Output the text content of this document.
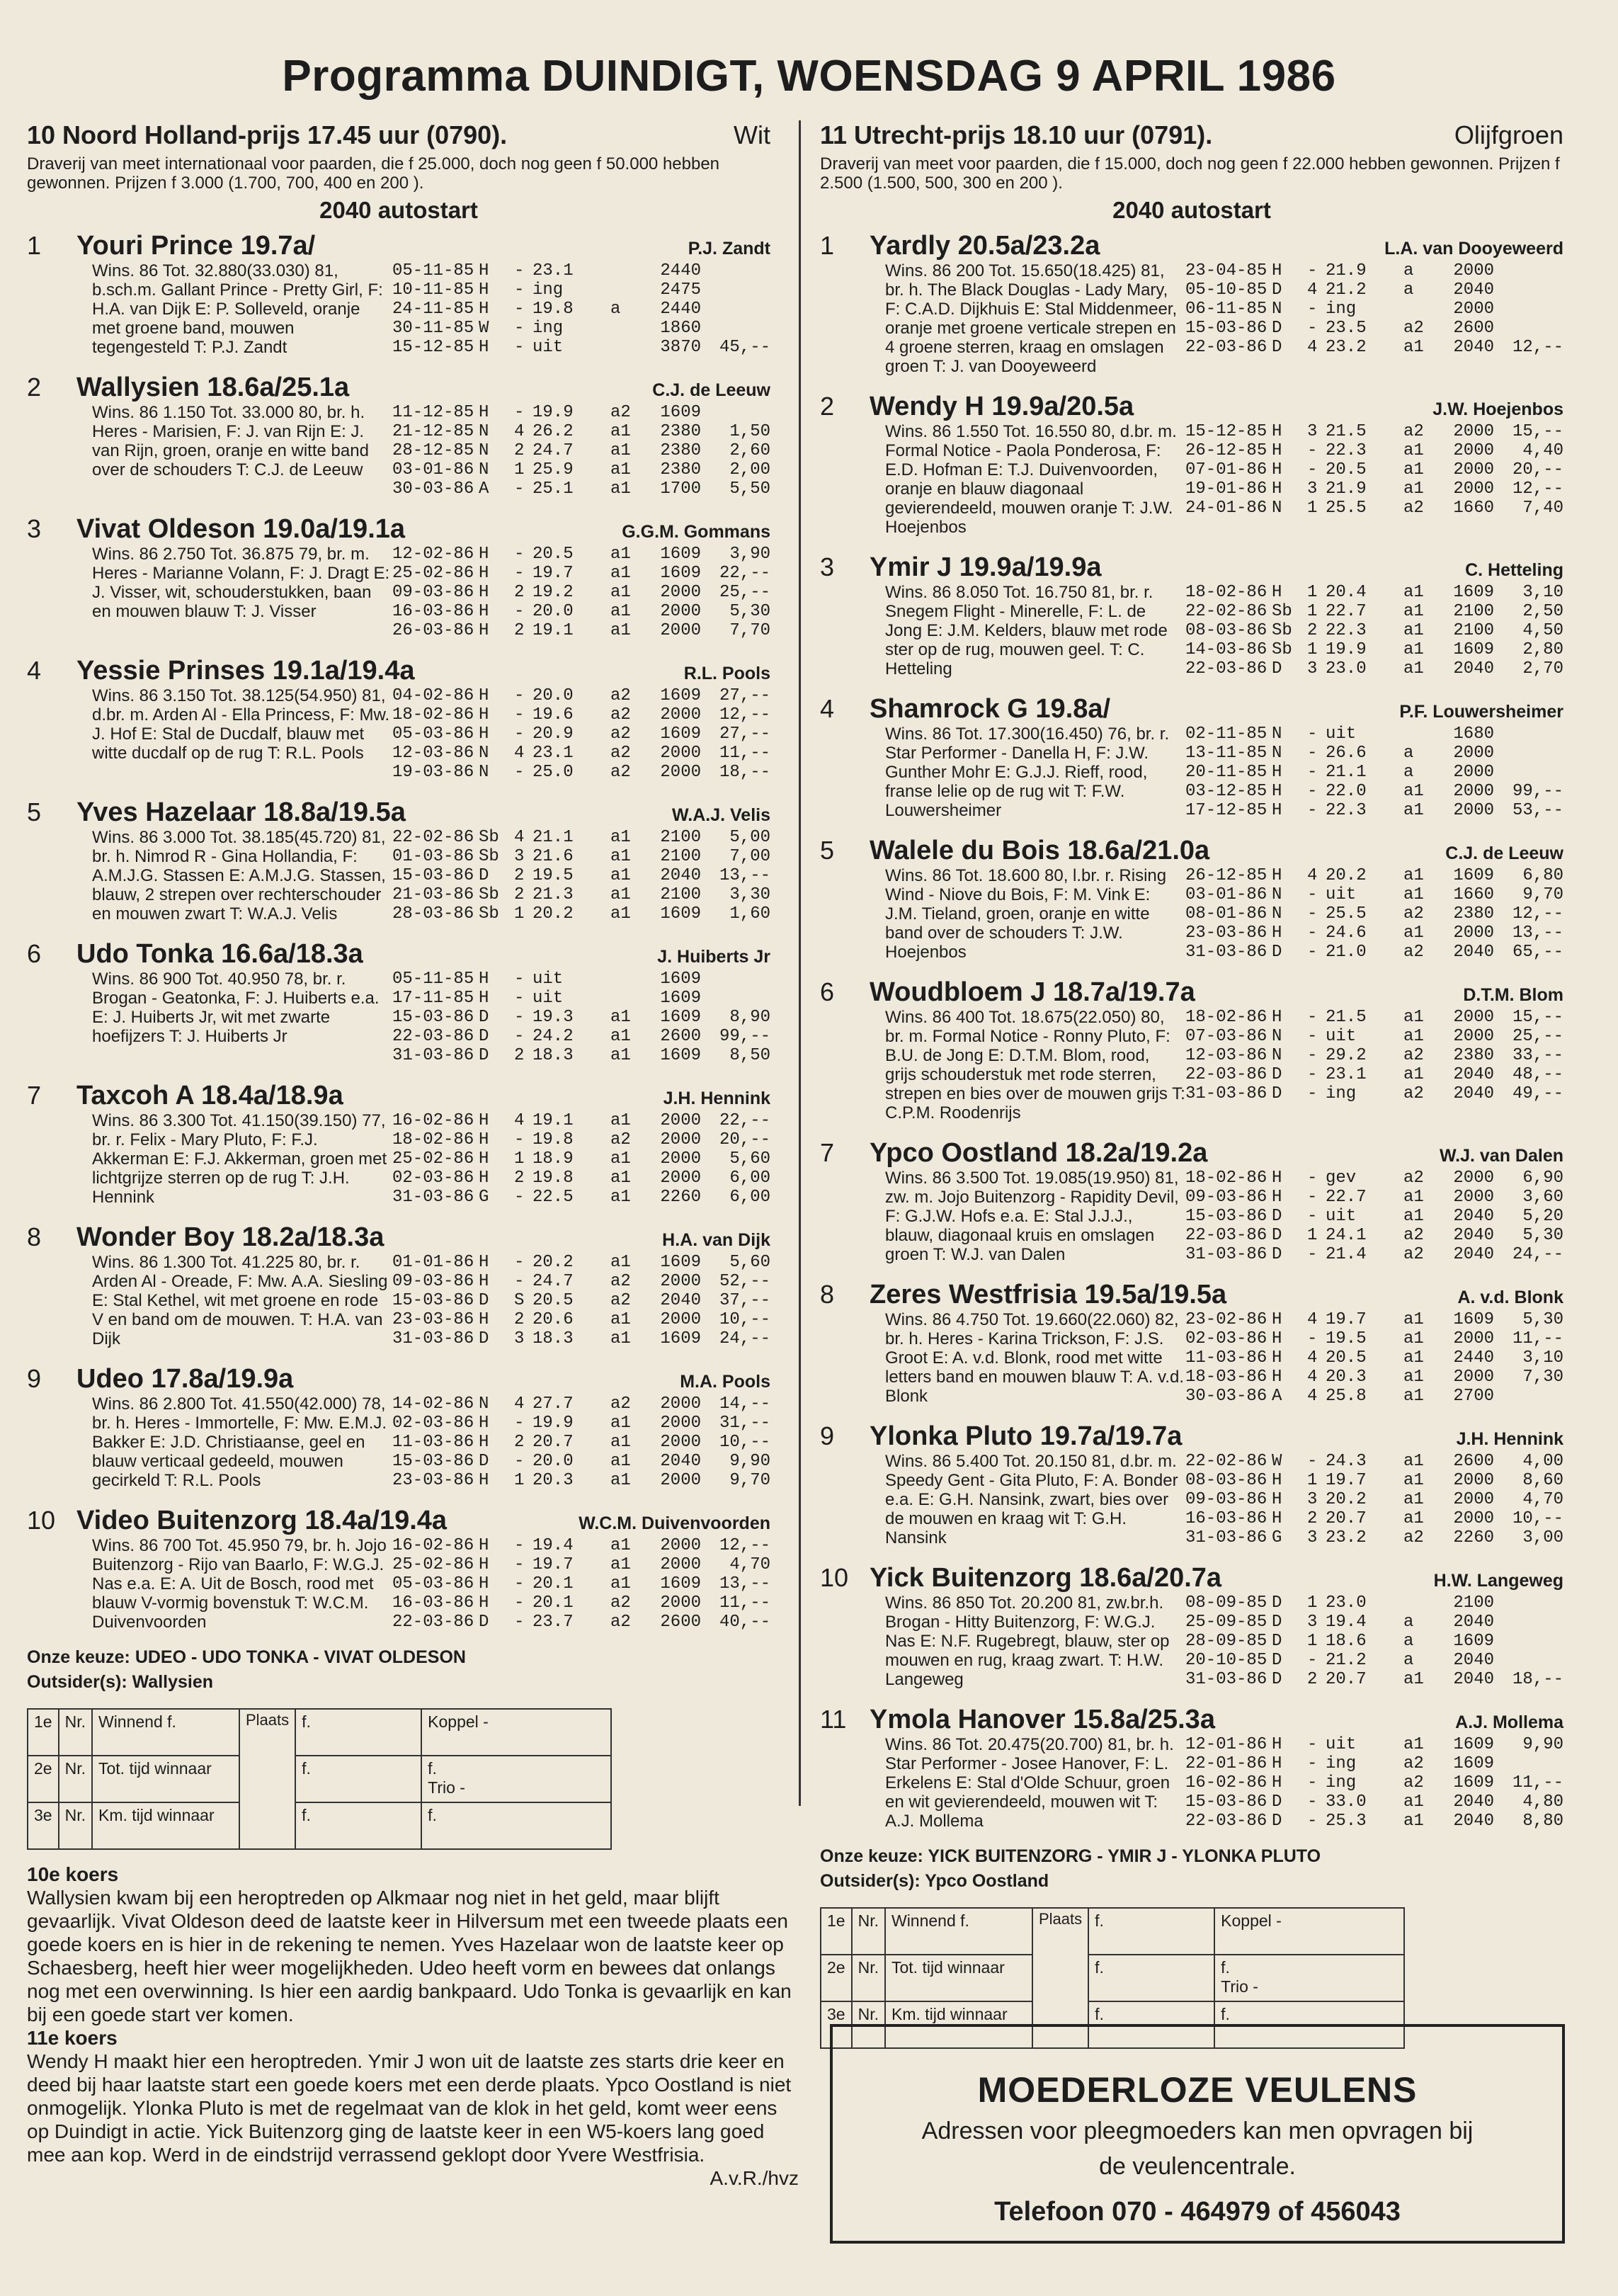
Programma DUINDIGT, WOENSDAG 9 APRIL 1986
10 Noord Holland-prijs 17.45 uur (0790).	Wit
Draverij van meet internationaal voor paarden, die f 25.000, doch nog geen f 50.000 hebben gewonnen. Prijzen f 3.000 (1.700, 700, 400 en 200 ).
2040 autostart
1	Youri Prince 19.7a/	P.J. Zandt
Wins. 86 Tot. 32.880(33.030) 81, b.sch.m. Gallant Prince - Pretty Girl, F: H.A. van Dijk E: P. Solleveld, oranje met groene band, mouwen tegengesteld T: P.J. Zandt
05-11-85 H	- 23.1	2440
10-11-85 H	- ing	2475
24-11-85 H	- 19.8	a	2440
30-11-85 W	- ing	1860
15-12-85 H	- uit	3870	45,--
2	Wallysien 18.6a/25.1a	C.J. de Leeuw
Wins. 86 1.150 Tot. 33.000 80, br. h. Heres - Marisien, F: J. van Rijn E: J. van Rijn, groen, oranje en witte band over de schouders T: C.J. de Leeuw
11-12-85 H	- 19.9	a2	1609
21-12-85 N	4 26.2	a1	2380	1,50
28-12-85 N	2 24.7	a1	2380	2,60
03-01-86 N	1 25.9	a1	2380	2,00
30-03-86 A	- 25.1	a1	1700	5,50
3	Vivat Oldeson 19.0a/19.1a	G.G.M. Gommans
Wins. 86 2.750 Tot. 36.875 79, br. m. Heres - Marianne Volann, F: J. Dragt E: J. Visser, wit, schouderstukken, baan en mouwen blauw T: J. Visser
12-02-86 H	- 20.5	a1	1609	3,90
25-02-86 H	- 19.7	a1	1609	22,--
09-03-86 H	2 19.2	a1	2000	25,--
16-03-86 H	- 20.0	a1	2000	5,30
26-03-86 H	2 19.1	a1	2000	7,70
4	Yessie Prinses 19.1a/19.4a	R.L. Pools
Wins. 86 3.150 Tot. 38.125(54.950) 81, d.br. m. Arden Al - Ella Princess, F: Mw. J. Hof E: Stal de Ducdalf, blauw met witte ducdalf op de rug T: R.L. Pools
04-02-86 H	- 20.0	a2	1609	27,--
18-02-86 H	- 19.6	a2	2000	12,--
05-03-86 H	- 20.9	a2	1609	27,--
12-03-86 N	4 23.1	a2	2000	11,--
19-03-86 N	- 25.0	a2	2000	18,--
5	Yves Hazelaar 18.8a/19.5a	W.A.J. Velis
Wins. 86 3.000 Tot. 38.185(45.720) 81, br. h. Nimrod R - Gina Hollandia, F: A.M.J.G. Stassen E: A.M.J.G. Stassen, blauw, 2 strepen over rechterschouder en mouwen zwart T: W.A.J. Velis
22-02-86 Sb 4 21.1	a1	2100	5,00
01-03-86 Sb 3 21.6	a1	2100	7,00
15-03-86 D	2 19.5	a1	2040	13,--
21-03-86 Sb 2 21.3	a1	2100	3,30
28-03-86 Sb 1 20.2	a1	1609	1,60
6	Udo Tonka 16.6a/18.3a	J. Huiberts Jr
Wins. 86 900 Tot. 40.950 78, br. r. Brogan - Geatonka, F: J. Huiberts e.a. E: J. Huiberts Jr, wit met zwarte hoefijzers T: J. Huiberts Jr
05-11-85 H	- uit	1609
17-11-85 H	- uit	1609
15-03-86 D	- 19.3	a1	1609	8,90
22-03-86 D	- 24.2	a1	2600	99,--
31-03-86 D	2 18.3	a1	1609	8,50
7	Taxcoh A 18.4a/18.9a	J.H. Hennink
Wins. 86 3.300 Tot. 41.150(39.150) 77, br. r. Felix - Mary Pluto, F: F.J. Akkerman E: F.J. Akkerman, groen met lichtgrijze sterren op de rug T: J.H. Hennink
16-02-86 H	4 19.1	a1	2000	22,--
18-02-86 H	- 19.8	a2	2000	20,--
25-02-86 H	1 18.9	a1	2000	5,60
02-03-86 H	2 19.8	a1	2000	6,00
31-03-86 G	- 22.5	a1	2260	6,00
8	Wonder Boy 18.2a/18.3a	H.A. van Dijk
Wins. 86 1.300 Tot. 41.225 80, br. r. Arden Al - Oreade, F: Mw. A.A. Siesling E: Stal Kethel, wit met groene en rode V en band om de mouwen. T: H.A. van Dijk
01-01-86 H	- 20.2	a1	1609	5,60
09-03-86 H	- 24.7	a2	2000	52,--
15-03-86 D	S 20.5	a2	2040	37,--
23-03-86 H	2 20.6	a1	2000	10,--
31-03-86 D	3 18.3	a1	1609	24,--
9	Udeo 17.8a/19.9a	M.A. Pools
Wins. 86 2.800 Tot. 41.550(42.000) 78, br. h. Heres - Immortelle, F: Mw. E.M.J. Bakker E: J.D. Christiaanse, geel en blauw verticaal gedeeld, mouwen gecirkeld T: R.L. Pools
14-02-86 N	4 27.7	a2	2000	14,--
02-03-86 H	- 19.9	a1	2000	31,--
11-03-86 H	2 20.7	a1	2000	10,--
15-03-86 D	- 20.0	a1	2040	9,90
23-03-86 H	1 20.3	a1	2000	9,70
10 Video Buitenzorg 18.4a/19.4a	W.C.M. Duivenvoorden
Wins. 86 700 Tot. 45.950 79, br. h. Jojo Buitenzorg - Rijo van Baarlo, F: W.G.J. Nas e.a. E: A. Uit de Bosch, rood met blauw V-vormig bovenstuk T: W.C.M. Duivenvoorden
16-02-86 H	- 19.4	a1	2000	12,--
25-02-86 H	- 19.7	a1	2000	4,70
05-03-86 H	- 20.1	a1	1609	13,--
16-03-86 H	- 20.1	a2	2000	11,--
22-03-86 D	- 23.7	a2	2600	40,--
Onze keuze: UDEO - UDO TONKA - VIVAT OLDESON
Outsider(s): Wallysien
1e	Nr.	Winnend f.	Plaats	f.	Koppel -
2e	Nr.	Tot. tijd winnaar		f.	f.
Trio -
3e	Nr.	Km. tijd winnaar		f.	f.
11 Utrecht-prijs 18.10 uur (0791).	Olijfgroen
Draverij van meet voor paarden, die f 15.000, doch nog geen f 22.000 hebben gewonnen. Prijzen f 2.500 (1.500, 500, 300 en 200 ).
2040 autostart
1	Yardly 20.5a/23.2a	L.A. van Dooyeweerd
Wins. 86 200 Tot. 15.650(18.425) 81, br. h. The Black Douglas - Lady Mary, F: C.A.D. Dijkhuis E: Stal Middenmeer, oranje met groene verticale strepen en 4 groene sterren, kraag en omslagen groen T: J. van Dooyeweerd
23-04-85 H	- 21.9	a	2000
05-10-85 D	4 21.2	a	2040
06-11-85 N	- ing	2000
15-03-86 D	- 23.5	a2	2600
22-03-86 D	4 23.2	a1	2040	12,--
2	Wendy H 19.9a/20.5a	J.W. Hoejenbos
Wins. 86 1.550 Tot. 16.550 80, d.br. m. Formal Notice - Paola Ponderosa, F: E.D. Hofman E: T.J. Duivenvoorden, oranje en blauw diagonaal gevierendeeld, mouwen oranje T: J.W. Hoejenbos
15-12-85 H	3 21.5	a2	2000	15,--
26-12-85 H	- 22.3	a1	2000	4,40
07-01-86 H	- 20.5	a1	2000	20,--
19-01-86 H	3 21.9	a1	2000	12,--
24-01-86 N	1 25.5	a2	1660	7,40
3	Ymir J 19.9a/19.9a	C. Hetteling
Wins. 86 8.050 Tot. 16.750 81, br. r. Snegem Flight - Minerelle, F: L. de Jong E: J.M. Kelders, blauw met rode ster op de rug, mouwen geel. T: C. Hetteling
18-02-86 H	1 20.4	a1	1609	3,10
22-02-86 Sb 1 22.7	a1	2100	2,50
08-03-86 Sb 2 22.3	a1	2100	4,50
14-03-86 Sb 1 19.9	a1	1609	2,80
22-03-86 D	3 23.0	a1	2040	2,70
4	Shamrock G 19.8a/	P.F. Louwersheimer
Wins. 86 Tot. 17.300(16.450) 76, br. r. Star Performer - Danella H, F: J.W. Gunther Mohr E: G.J.J. Rieff, rood, franse lelie op de rug wit T: F.W. Louwersheimer
02-11-85 N	- uit	1680
13-11-85 N	- 26.6	a	2000
20-11-85 H	- 21.1	a	2000
03-12-85 H	- 22.0	a1	2000	99,--
17-12-85 H	- 22.3	a1	2000	53,--
5	Walele du Bois 18.6a/21.0a	C.J. de Leeuw
Wins. 86 Tot. 18.600 80, l.br. r. Rising Wind - Niove du Bois, F: M. Vink E: J.M. Tieland, groen, oranje en witte band over de schouders T: J.W. Hoejenbos
26-12-85 H	4 20.2	a1	1609	6,80
03-01-86 N	- uit	a1	1660	9,70
08-01-86 N	- 25.5	a2	2380	12,--
23-03-86 H	- 24.6	a1	2000	13,--
31-03-86 D	- 21.0	a2	2040	65,--
6	Woudbloem J 18.7a/19.7a	D.T.M. Blom
Wins. 86 400 Tot. 18.675(22.050) 80, br. m. Formal Notice - Ronny Pluto, F: B.U. de Jong E: D.T.M. Blom, rood, grijs schouderstuk met rode sterren, strepen en bies over de mouwen grijs T: C.P.M. Roodenrijs
18-02-86 H	- 21.5	a1	2000	15,--
07-03-86 N	- uit	a1	2000	25,--
12-03-86 N	- 29.2	a2	2380	33,--
22-03-86 D	- 23.1	a1	2040	48,--
31-03-86 D	- ing	a2	2040	49,--
7	Ypco Oostland 18.2a/19.2a	W.J. van Dalen
Wins. 86 3.500 Tot. 19.085(19.950) 81, zw. m. Jojo Buitenzorg - Rapidity Devil, F: G.J.W. Hofs e.a. E: Stal J.J.J., blauw, diagonaal kruis en omslagen groen T: W.J. van Dalen
18-02-86 H	- gev	a2	2000	6,90
09-03-86 H	- 22.7	a1	2000	3,60
15-03-86 D	- uit	a1	2040	5,20
22-03-86 D	1 24.1	a2	2040	5,30
31-03-86 D	- 21.4	a2	2040	24,--
8	Zeres Westfrisia 19.5a/19.5a	A. v.d. Blonk
Wins. 86 4.750 Tot. 19.660(22.060) 82, br. h. Heres - Karina Trickson, F: J.S. Groot E: A. v.d. Blonk, rood met witte letters band en mouwen blauw T: A. v.d. Blonk
23-02-86 H	4 19.7	a1	1609	5,30
02-03-86 H	- 19.5	a1	2000	11,--
11-03-86 H	4 20.5	a1	2440	3,10
18-03-86 H	4 20.3	a1	2000	7,30
30-03-86 A	4 25.8	a1	2700
9	Ylonka Pluto 19.7a/19.7a	J.H. Hennink
Wins. 86 5.400 Tot. 20.150 81, d.br. m. Speedy Gent - Gita Pluto, F: A. Bonder e.a. E: G.H. Nansink, zwart, bies over de mouwen en kraag wit T: G.H. Nansink
22-02-86 W	- 24.3	a1	2600	4,00
08-03-86 H	1 19.7	a1	2000	8,60
09-03-86 H	3 20.2	a1	2000	4,70
16-03-86 H	2 20.7	a1	2000	10,--
31-03-86 G	3 23.2	a2	2260	3,00
10 Yick Buitenzorg 18.6a/20.7a	H.W. Langeweg
Wins. 86 850 Tot. 20.200 81, zw.br.h. Brogan - Hitty Buitenzorg, F: W.G.J. Nas E: N.F. Rugebregt, blauw, ster op mouwen en rug, kraag zwart. T: H.W. Langeweg
08-09-85 D	1 23.0	2100
25-09-85 D	3 19.4	a	2040
28-09-85 D	1 18.6	a	1609
20-10-85 D	- 21.2	a	2040
31-03-86 D	2 20.7	a1	2040	18,--
11 Ymola Hanover 15.8a/25.3a	A.J. Mollema
Wins. 86 Tot. 20.475(20.700) 81, br. h. Star Performer - Josee Hanover, F: L. Erkelens E: Stal d'Olde Schuur, groen en wit gevierendeeld, mouwen wit T: A.J. Mollema
12-01-86 H	- uit	a1	1609	9,90
22-01-86 H	- ing	a2	1609
16-02-86 H	- ing	a2	1609	11,--
15-03-86 D	- 33.0	a1	2040	4,80
22-03-86 D	- 25.3	a1	2040	8,80
Onze keuze: YICK BUITENZORG - YMIR J - YLONKA PLUTO
Outsider(s): Ypco Oostland
1e	Nr.	Winnend f.	Plaats	f.	Koppel -
2e	Nr.	Tot. tijd winnaar		f.	f.
Trio -
3e	Nr.	Km. tijd winnaar		f.	f.
10e koers

Wallysien kwam bij een heroptreden op Alkmaar nog niet in het geld, maar blijft gevaarlijk. Vivat Oldeson deed de laatste keer in Hilversum met een tweede plaats een goede koers en is hier in de rekening te nemen. Yves Hazelaar won de laatste keer op Schaesberg, heeft hier weer mogelijkheden. Udeo heeft vorm en bewees dat onlangs nog met een overwinning. Is hier een aardig bankpaard. Udo Tonka is gevaarlijk en kan bij een goede start ver komen.

11e koers

Wendy H maakt hier een heroptreden. Ymir J won uit de laatste zes starts drie keer en deed bij haar laatste start een goede koers met een derde plaats. Ypco Oostland is niet onmogelijk. Ylonka Pluto is met de regelmaat van de klok in het geld, komt weer eens op Duindigt in actie. Yick Buitenzorg ging de laatste keer in een W5-koers lang goed mee aan kop. Werd in de eindstrijd verrassend geklopt door Yvere Westfrisia.

A.v.R./hvz

MOEDERLOZE VEULENS
Adressen voor pleegmoeders kan men opvragen bij
de veulencentrale.
Telefoon 070 - 464979 of 456043
